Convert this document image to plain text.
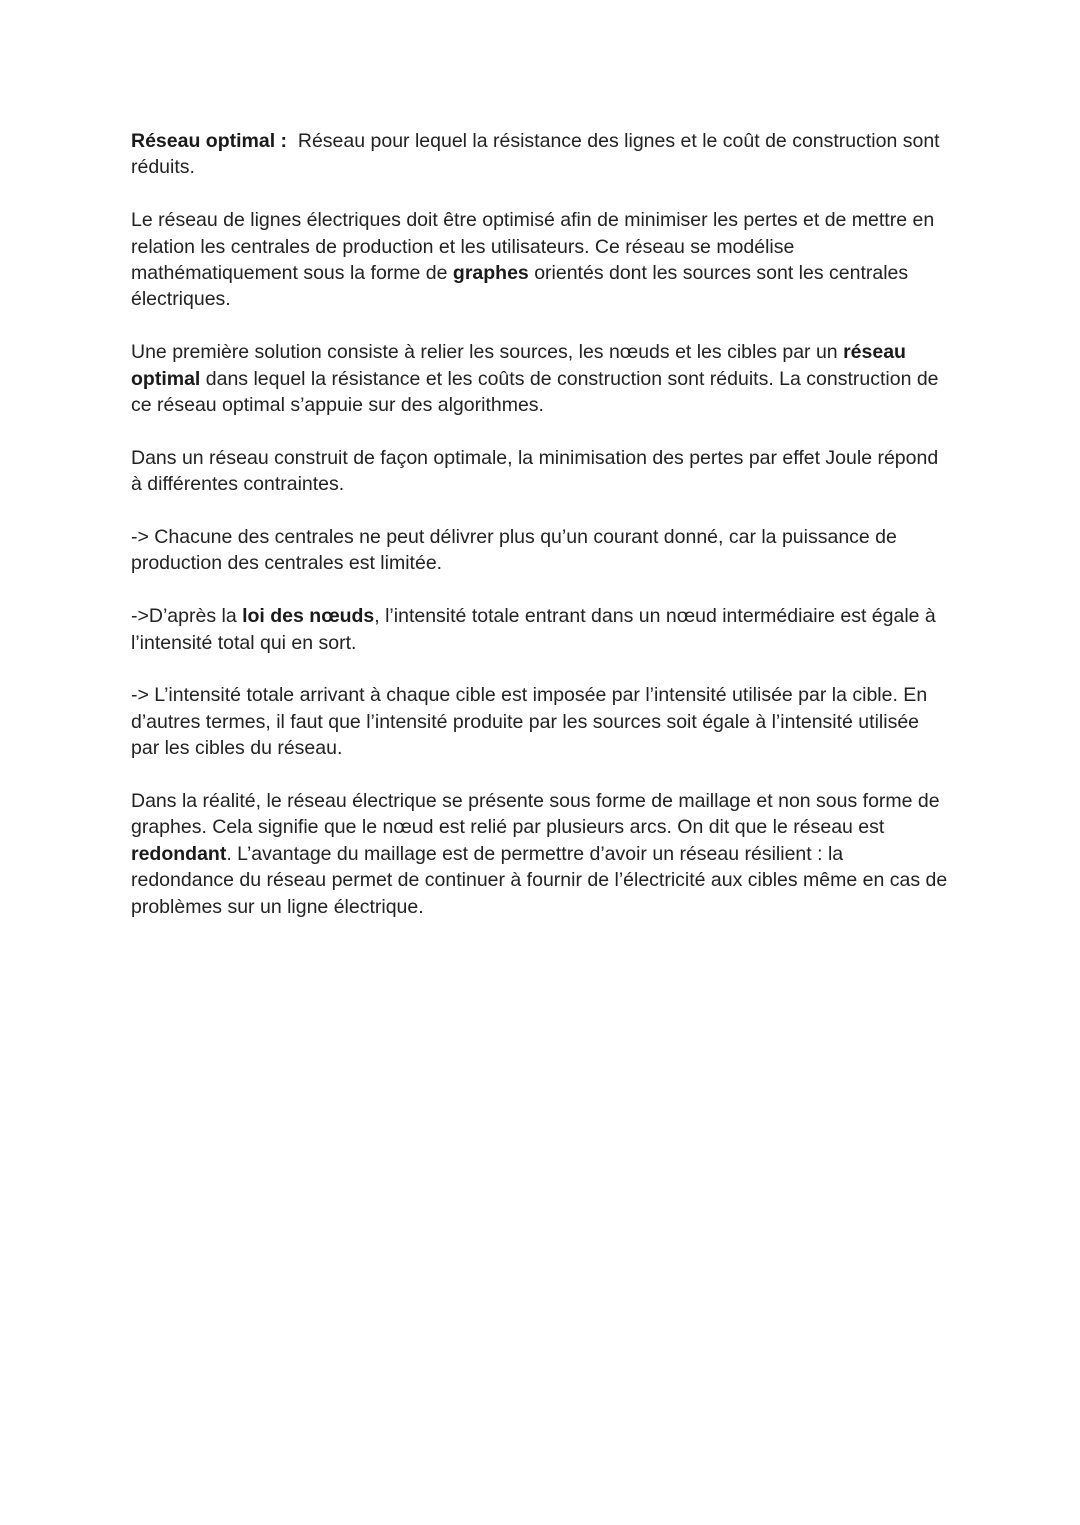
Réseau optimal :  Réseau pour lequel la résistance des lignes et le coût de construction sont réduits.

Le réseau de lignes électriques doit être optimisé afin de minimiser les pertes et de mettre en relation les centrales de production et les utilisateurs. Ce réseau se modélise mathématiquement sous la forme de graphes orientés dont les sources sont les centrales électriques.

Une première solution consiste à relier les sources, les nœuds et les cibles par un réseau optimal dans lequel la résistance et les coûts de construction sont réduits. La construction de ce réseau optimal s’appuie sur des algorithmes.

Dans un réseau construit de façon optimale, la minimisation des pertes par effet Joule répond à différentes contraintes.

-> Chacune des centrales ne peut délivrer plus qu’un courant donné, car la puissance de production des centrales est limitée.

->D’après la loi des nœuds, l’intensité totale entrant dans un nœud intermédiaire est égale à l’intensité total qui en sort.

-> L’intensité totale arrivant à chaque cible est imposée par l’intensité utilisée par la cible. En d’autres termes, il faut que l’intensité produite par les sources soit égale à l’intensité utilisée par les cibles du réseau.

Dans la réalité, le réseau électrique se présente sous forme de maillage et non sous forme de graphes. Cela signifie que le nœud est relié par plusieurs arcs. On dit que le réseau est redondant. L’avantage du maillage est de permettre d’avoir un réseau résilient : la redondance du réseau permet de continuer à fournir de l’électricité aux cibles même en cas de problèmes sur un ligne électrique.
